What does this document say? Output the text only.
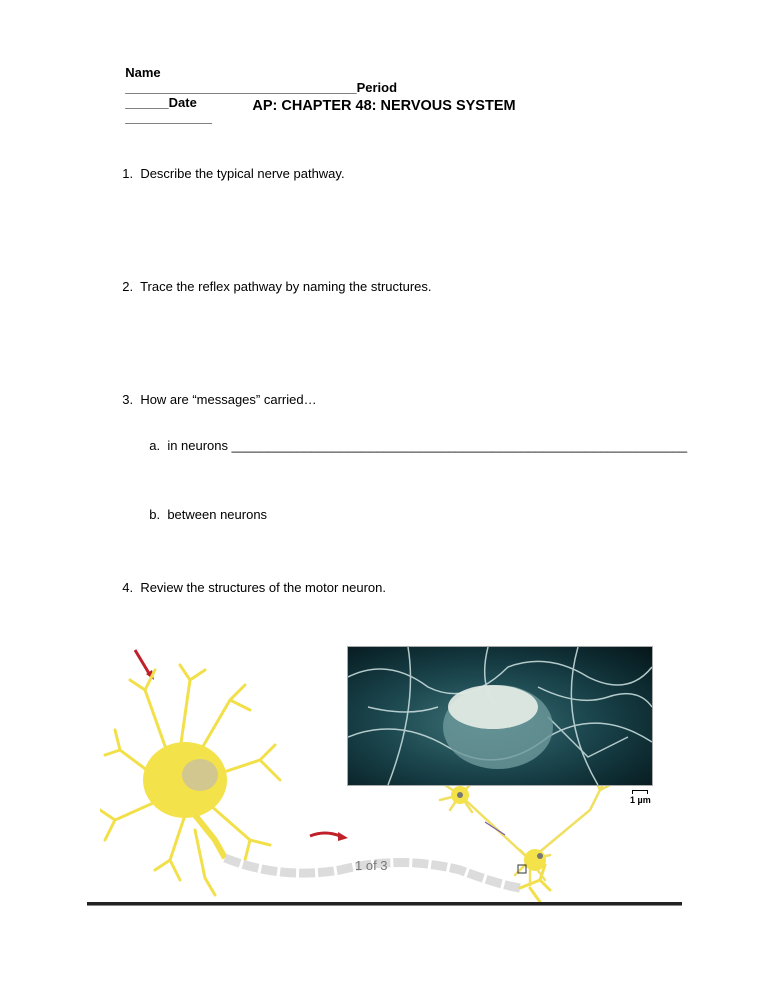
Name
________________________________Period
______Date
____________

AP: CHAPTER 48: NERVOUS SYSTEM

1. Describe the typical nerve pathway.

2. Trace the reflex pathway by naming the structures.

3. How are “messages” carried…

a. in neurons _______________________________________________________________

b. between neurons

4. Review the structures of the motor neuron.

1 µm
1 of 3
